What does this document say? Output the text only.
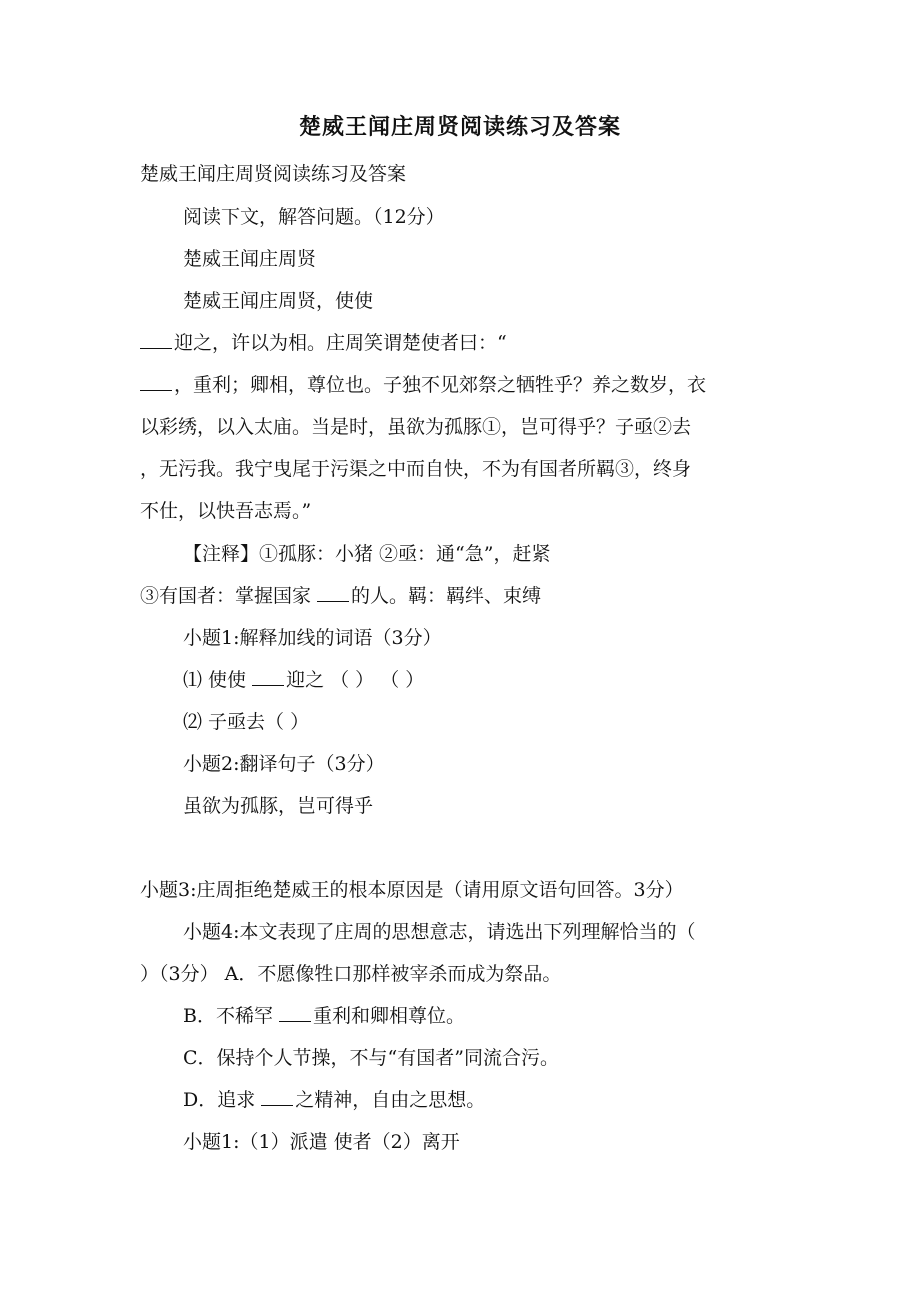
楚威王闻庄周贤阅读练习及答案
楚威王闻庄周贤阅读练习及答案
阅读下文，解答问题。（12分）
楚威王闻庄周贤
楚威王闻庄周贤，使使
迎之，许以为相。庄周笑谓楚使者曰：“
，重利；卿相，尊位也。子独不见郊祭之牺牲乎？养之数岁，衣
以彩绣，以入太庙。当是时，虽欲为孤豚①，岂可得乎？子亟②去
，无污我。我宁曳尾于污渠之中而自快，不为有国者所羁③，终身
不仕，以快吾志焉。”
【注释】①孤豚：小猪 ②亟：通“急”，赶紧
③有国者：掌握国家 的人。羁：羁绊、束缚
小题1:解释加线的词语（3分）
⑴ 使使 迎之 （ ） （ ）
⑵ 子亟去（ ）
小题2:翻译句子（3分）
虽欲为孤豚，岂可得乎
小题3:庄周拒绝楚威王的根本原因是（请用原文语句回答。3分）
小题4:本文表现了庄周的思想意志，请选出下列理解恰当的（
）（3分） A．不愿像牲口那样被宰杀而成为祭品。
B．不稀罕 重利和卿相尊位。
C．保持个人节操，不与“有国者”同流合污。
D．追求 之精神，自由之思想。
小题1:（1）派遣 使者（2）离开
